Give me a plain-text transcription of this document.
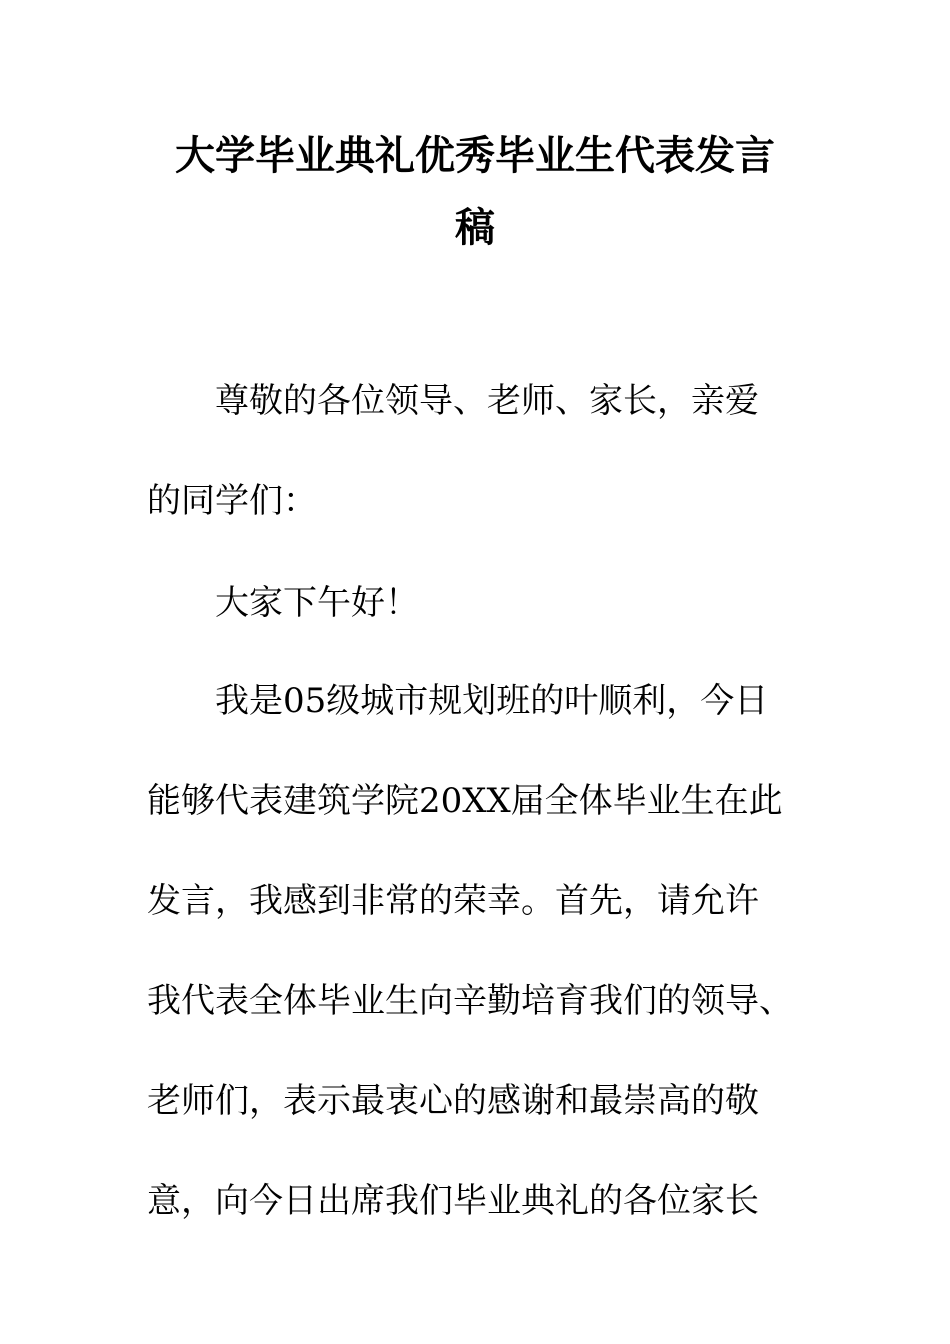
大学毕业典礼优秀毕业生代表发言
稿
尊敬的各位领导、老师、家长，亲爱
的同学们：
大家下午好！
我是05级城市规划班的叶顺利，今日
能够代表建筑学院20XX届全体毕业生在此
发言，我感到非常的荣幸。首先，请允许
我代表全体毕业生向辛勤培育我们的领导、
老师们，表示最衷心的感谢和最崇高的敬
意，向今日出席我们毕业典礼的各位家长
